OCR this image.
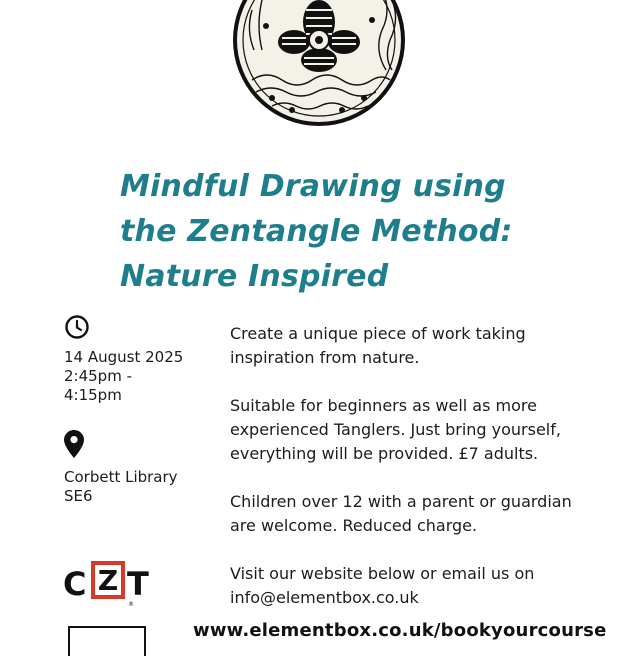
Mindful Drawing using
the Zentangle Method:
Nature Inspired
14 August 2025
2:45pm -
4:15pm
Corbett Library
SE6

Create a unique piece of work taking
inspiration from nature.

Suitable for beginners as well as more
experienced Tanglers. Just bring yourself,
everything will be provided. £7 adults.

Children over 12 with a parent or guardian
are welcome. Reduced charge.

Visit our website below or email us on
info@elementbox.co.uk

C Z T
®
www.elementbox.co.uk/bookyourcourse
